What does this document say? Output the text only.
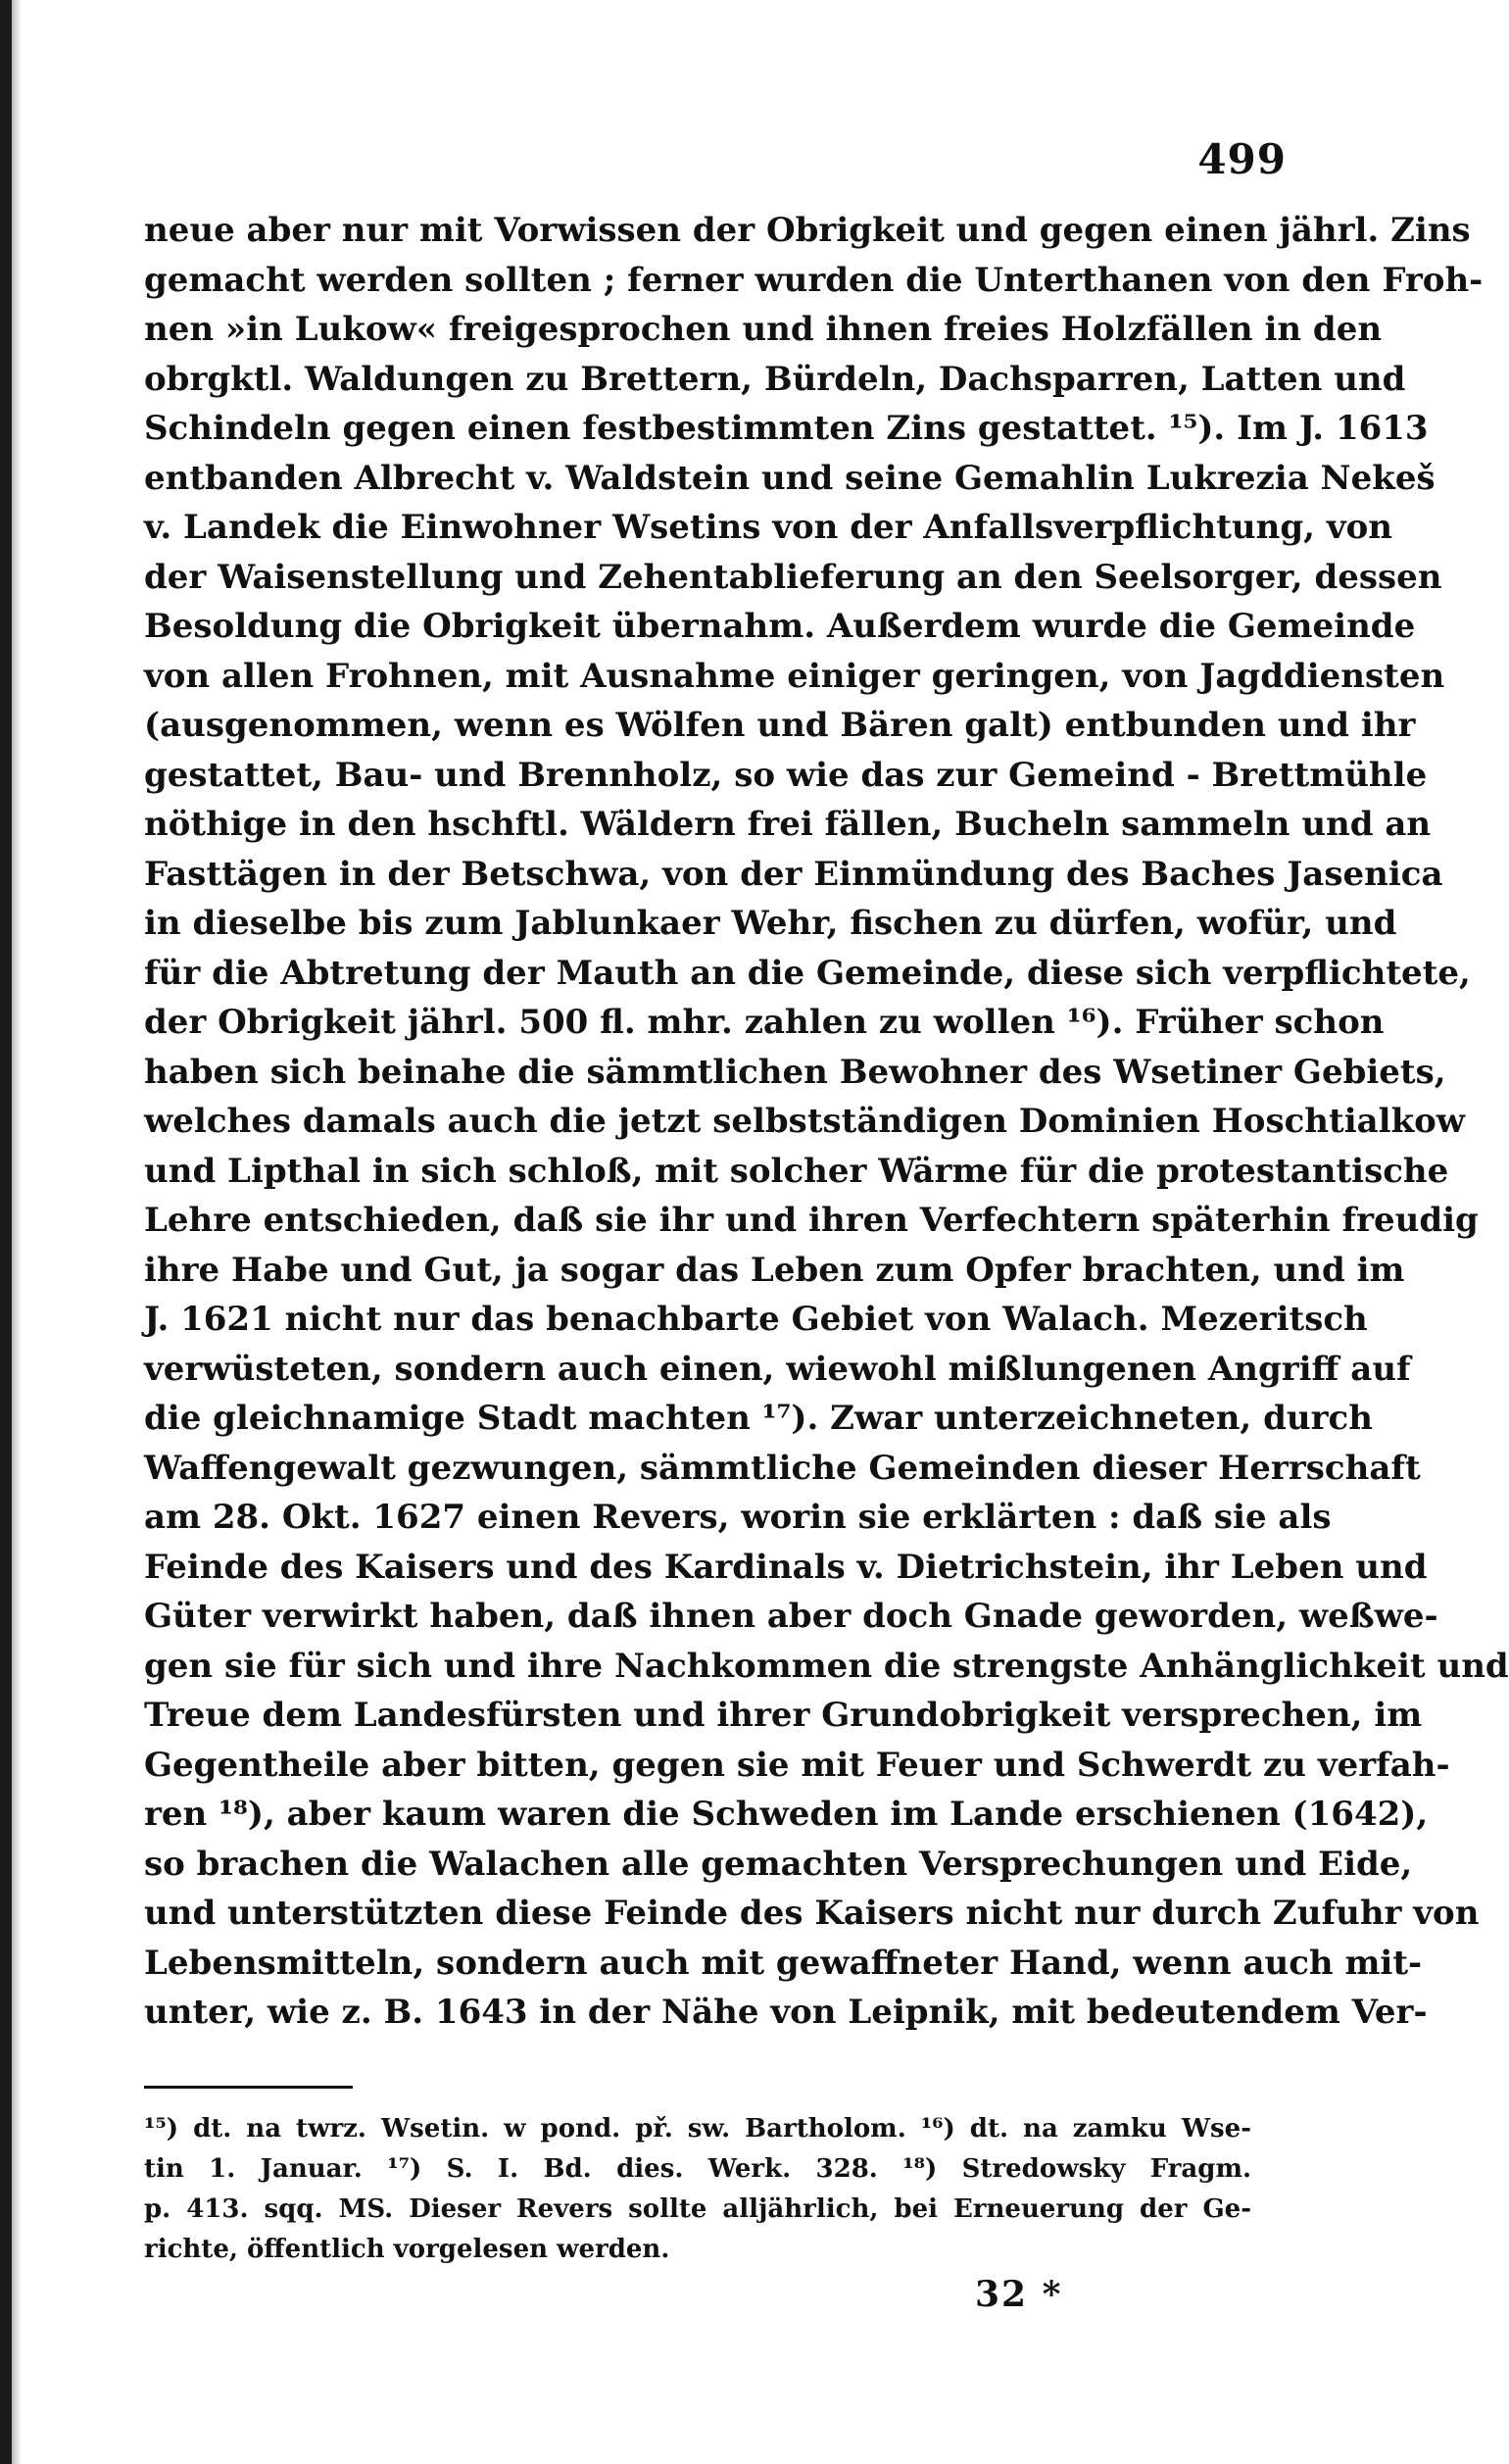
499
neue aber nur mit Vorwissen der Obrigkeit und gegen einen jährl. Zins
gemacht werden sollten ; ferner wurden die Unterthanen von den Froh-
nen »in Lukow« freigesprochen und ihnen freies Holzfällen in den
obrgktl. Waldungen zu Brettern, Bürdeln, Dachsparren, Latten und
Schindeln gegen einen festbestimmten Zins gestattet. ¹⁵). Im J. 1613
entbanden Albrecht v. Waldstein und seine Gemahlin Lukrezia Nekeš
v. Landek die Einwohner Wsetins von der Anfallsverpflichtung, von
der Waisenstellung und Zehentablieferung an den Seelsorger, dessen
Besoldung die Obrigkeit übernahm. Außerdem wurde die Gemeinde
von allen Frohnen, mit Ausnahme einiger geringen, von Jagddiensten
(ausgenommen, wenn es Wölfen und Bären galt) entbunden und ihr
gestattet, Bau- und Brennholz, so wie das zur Gemeind - Brettmühle
nöthige in den hschftl. Wäldern frei fällen, Bucheln sammeln und an
Fasttägen in der Betschwa, von der Einmündung des Baches Jasenica
in dieselbe bis zum Jablunkaer Wehr, fischen zu dürfen, wofür, und
für die Abtretung der Mauth an die Gemeinde, diese sich verpflichtete,
der Obrigkeit jährl. 500 fl. mhr. zahlen zu wollen ¹⁶). Früher schon
haben sich beinahe die sämmtlichen Bewohner des Wsetiner Gebiets,
welches damals auch die jetzt selbstständigen Dominien Hoschtialkow
und Lipthal in sich schloß, mit solcher Wärme für die protestantische
Lehre entschieden, daß sie ihr und ihren Verfechtern späterhin freudig
ihre Habe und Gut, ja sogar das Leben zum Opfer brachten, und im
J. 1621 nicht nur das benachbarte Gebiet von Walach. Mezeritsch
verwüsteten, sondern auch einen, wiewohl mißlungenen Angriff auf
die gleichnamige Stadt machten ¹⁷). Zwar unterzeichneten, durch
Waffengewalt gezwungen, sämmtliche Gemeinden dieser Herrschaft
am 28. Okt. 1627 einen Revers, worin sie erklärten : daß sie als
Feinde des Kaisers und des Kardinals v. Dietrichstein, ihr Leben und
Güter verwirkt haben, daß ihnen aber doch Gnade geworden, weßwe-
gen sie für sich und ihre Nachkommen die strengste Anhänglichkeit und
Treue dem Landesfürsten und ihrer Grundobrigkeit versprechen, im
Gegentheile aber bitten, gegen sie mit Feuer und Schwerdt zu verfah-
ren ¹⁸), aber kaum waren die Schweden im Lande erschienen (1642),
so brachen die Walachen alle gemachten Versprechungen und Eide,
und unterstützten diese Feinde des Kaisers nicht nur durch Zufuhr von
Lebensmitteln, sondern auch mit gewaffneter Hand, wenn auch mit-
unter, wie z. B. 1643 in der Nähe von Leipnik, mit bedeutendem Ver-
¹⁵) dt. na twrz. Wsetin. w pond. př. sw. Bartholom. ¹⁶) dt. na zamku Wse-
tin 1. Januar. ¹⁷) S. I. Bd. dies. Werk. 328. ¹⁸) Stredowsky Fragm.
p. 413. sqq. MS. Dieser Revers sollte alljährlich, bei Erneuerung der Ge-
richte, öffentlich vorgelesen werden.
32 *
